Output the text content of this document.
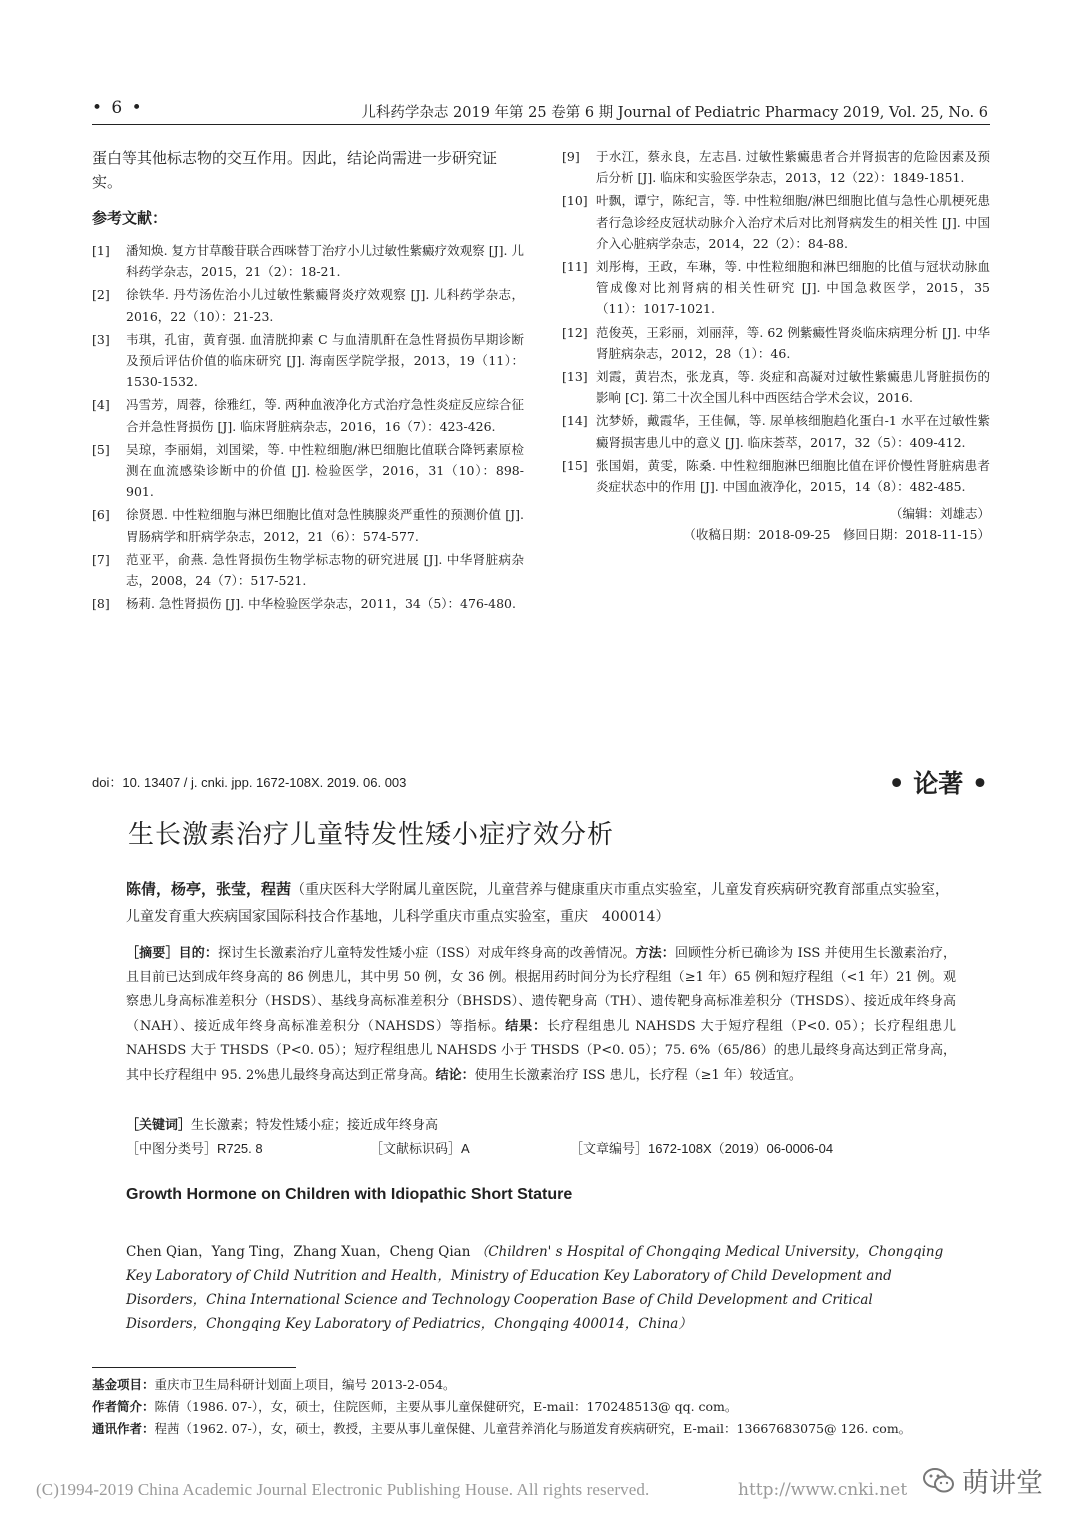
• 6 •	儿科药学杂志 2019 年第 25 卷第 6 期 Journal of Pediatric Pharmacy 2019, Vol. 25, No. 6

蛋白等其他标志物的交互作用。因此，结论尚需进一步研究证实。

参考文献：
[1]	潘知焕. 复方甘草酸苷联合西咪替丁治疗小儿过敏性紫癜疗效观察 [J]. 儿科药学杂志，2015，21（2）：18-21.
[2]	徐铁华. 丹芍汤佐治小儿过敏性紫癜肾炎疗效观察 [J]. 儿科药学杂志，2016，22（10）：21-23.
[3]	韦琪，孔宙，黄育强. 血清胱抑素 C 与血清肌酐在急性肾损伤早期诊断及预后评估价值的临床研究 [J]. 海南医学院学报，2013，19（11）：1530-1532.
[4]	冯雪芳，周蓉，徐雅红，等. 两种血液净化方式治疗急性炎症反应综合征合并急性肾损伤 [J]. 临床肾脏病杂志，2016，16（7）：423-426.
[5]	吴琼，李丽娟，刘国梁，等. 中性粒细胞/淋巴细胞比值联合降钙素原检测在血流感染诊断中的价值 [J]. 检验医学，2016，31（10）：898-901.
[6]	徐贤恩. 中性粒细胞与淋巴细胞比值对急性胰腺炎严重性的预测价值 [J]. 胃肠病学和肝病学杂志，2012，21（6）：574-577.
[7]	范亚平，俞燕. 急性肾损伤生物学标志物的研究进展 [J]. 中华肾脏病杂志，2008，24（7）：517-521.
[8]	杨莉. 急性肾损伤 [J]. 中华检验医学杂志，2011，34（5）：476-480.
[9]	于水江，蔡永良，左志昌. 过敏性紫癜患者合并肾损害的危险因素及预后分析 [J]. 临床和实验医学杂志，2013，12（22）：1849-1851.
[10] 叶飘，谭宁，陈纪言，等. 中性粒细胞/淋巴细胞比值与急性心肌梗死患者行急诊经皮冠状动脉介入治疗术后对比剂肾病发生的相关性 [J]. 中国介入心脏病学杂志，2014，22（2）：84-88.
[11] 刘彤梅，王政，车琳，等. 中性粒细胞和淋巴细胞的比值与冠状动脉血管成像对比剂肾病的相关性研究 [J]. 中国急救医学，2015，35（11）：1017-1021.
[12] 范俊英，王彩丽，刘丽萍，等. 62 例紫癜性肾炎临床病理分析 [J]. 中华肾脏病杂志，2012，28（1）：46.
[13] 刘霞，黄岩杰，张龙真，等. 炎症和高凝对过敏性紫癜患儿肾脏损伤的影响 [C]. 第二十次全国儿科中西医结合学术会议，2016.
[14] 沈梦娇，戴霞华，王佳佩，等. 尿单核细胞趋化蛋白-1 水平在过敏性紫癜肾损害患儿中的意义 [J]. 临床荟萃，2017，32（5）：409-412.
[15] 张国娟，黄雯，陈桑. 中性粒细胞淋巴细胞比值在评价慢性肾脏病患者炎症状态中的作用 [J]. 中国血液净化，2015，14（8）：482-485.
（编辑：刘雄志）
（收稿日期：2018-09-25　修回日期：2018-11-15）
doi：10. 13407 / j. cnki. jpp. 1672-108X. 2019. 06. 003	• 论著 •
生长激素治疗儿童特发性矮小症疗效分析
陈倩，杨亭，张莹，程茜（重庆医科大学附属儿童医院，儿童营养与健康重庆市重点实验室，儿童发育疾病研究教育部重点实验室，儿童发育重大疾病国家国际科技合作基地，儿科学重庆市重点实验室，重庆　400014）
［摘要］目的：探讨生长激素治疗儿童特发性矮小症（ISS）对成年终身高的改善情况。方法：回顾性分析已确诊为 ISS 并使用生长激素治疗，且目前已达到成年终身高的 86 例患儿，其中男 50 例，女 36 例。根据用药时间分为长疗程组（≥1 年）65 例和短疗程组（<1 年）21 例。观察患儿身高标准差积分（HSDS）、基线身高标准差积分（BHSDS）、遗传靶身高（TH）、遗传靶身高标准差积分（THSDS）、接近成年终身高（NAH）、接近成年终身高标准差积分（NAHSDS）等指标。结果：长疗程组患儿 NAHSDS 大于短疗程组（P<0. 05）；长疗程组患儿 NAHSDS 大于 THSDS（P<0. 05）；短疗程组患儿 NAHSDS 小于 THSDS（P<0. 05）；75. 6%（65/86）的患儿最终身高达到正常身高，其中长疗程组中 95. 2%患儿最终身高达到正常身高。结论：使用生长激素治疗 ISS 患儿，长疗程（≥1 年）较适宜。
［关键词］生长激素；特发性矮小症；接近成年终身高
［中图分类号］R725. 8	［文献标识码］A	［文章编号］1672-108X（2019）06-0006-04
Growth Hormone on Children with Idiopathic Short Stature
Chen Qian，Yang Ting，Zhang Xuan，Cheng Qian （Children' s Hospital of Chongqing Medical University，Chongqing Key Laboratory of Child Nutrition and Health，Ministry of Education Key Laboratory of Child Development and Disorders，China International Science and Technology Cooperation Base of Child Development and Critical Disorders，Chongqing Key Laboratory of Pediatrics，Chongqing 400014，China）
基金项目：重庆市卫生局科研计划面上项目，编号 2013-2-054。
作者简介：陈倩（1986. 07-），女，硕士，住院医师，主要从事儿童保健研究，E-mail：170248513@ qq. com。
通讯作者：程茜（1962. 07-），女，硕士，教授，主要从事儿童保健、儿童营养消化与肠道发育疾病研究，E-mail：13667683075@ 126. com。
(C)1994-2019 China Academic Journal Electronic Publishing House. All rights reserved.	http://www.cnki.net 萌讲堂
